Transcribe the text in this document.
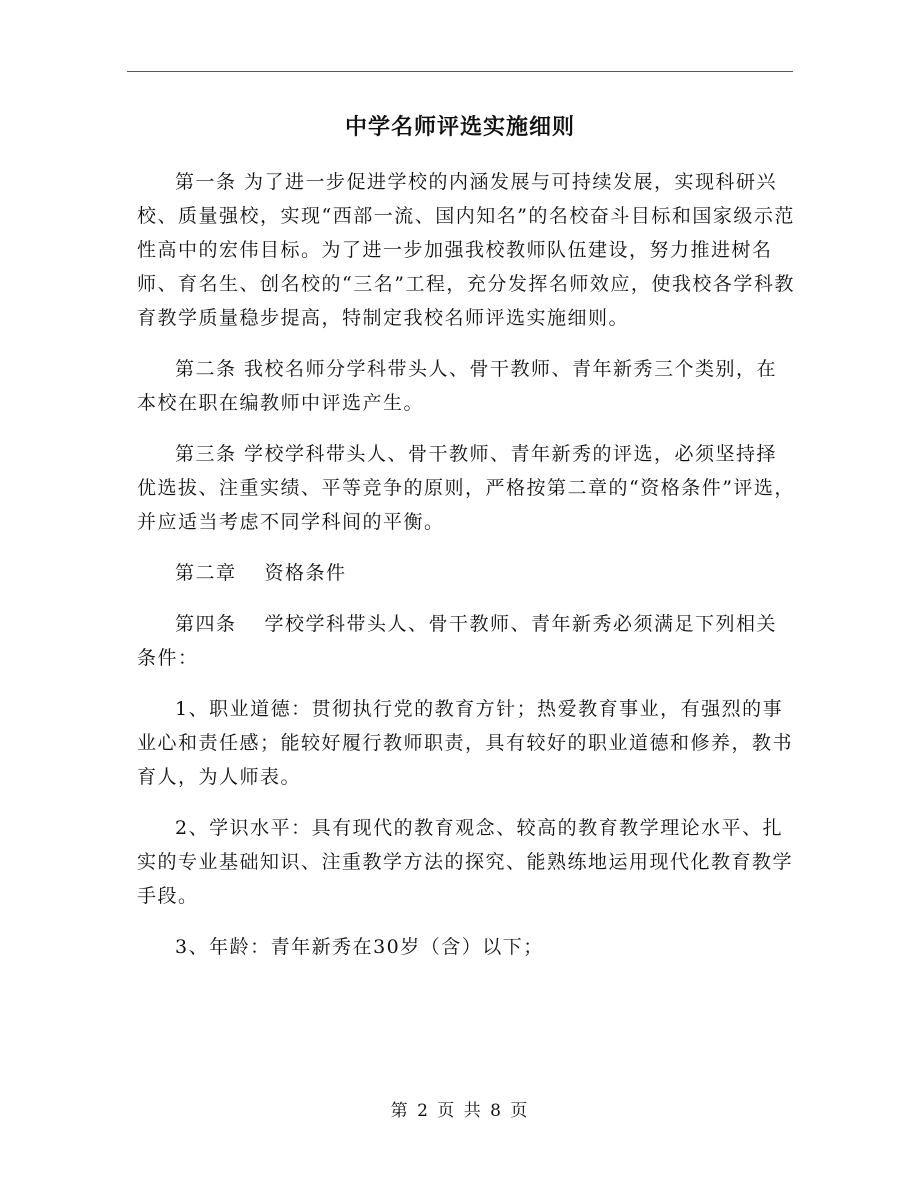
中学名师评选实施细则

第一条 为了进一步促进学校的内涵发展与可持续发展，实现科研兴校、质量强校，实现“西部一流、国内知名”的名校奋斗目标和国家级示范性高中的宏伟目标。为了进一步加强我校教师队伍建设，努力推进树名师、育名生、创名校的“三名”工程，充分发挥名师效应，使我校各学科教育教学质量稳步提高，特制定我校名师评选实施细则。

第二条 我校名师分学科带头人、骨干教师、青年新秀三个类别，在本校在职在编教师中评选产生。

第三条 学校学科带头人、骨干教师、青年新秀的评选，必须坚持择优选拔、注重实绩、平等竞争的原则，严格按第二章的“资格条件”评选，并应适当考虑不同学科间的平衡。

第二章　 资格条件

第四条　 学校学科带头人、骨干教师、青年新秀必须满足下列相关条件：

1、职业道德：贯彻执行党的教育方针；热爱教育事业，有强烈的事业心和责任感；能较好履行教师职责，具有较好的职业道德和修养，教书育人，为人师表。

2、学识水平：具有现代的教育观念、较高的教育教学理论水平、扎实的专业基础知识、注重教学方法的探究、能熟练地运用现代化教育教学手段。

3、年龄：青年新秀在30岁（含）以下；

第 2 页 共 8 页
